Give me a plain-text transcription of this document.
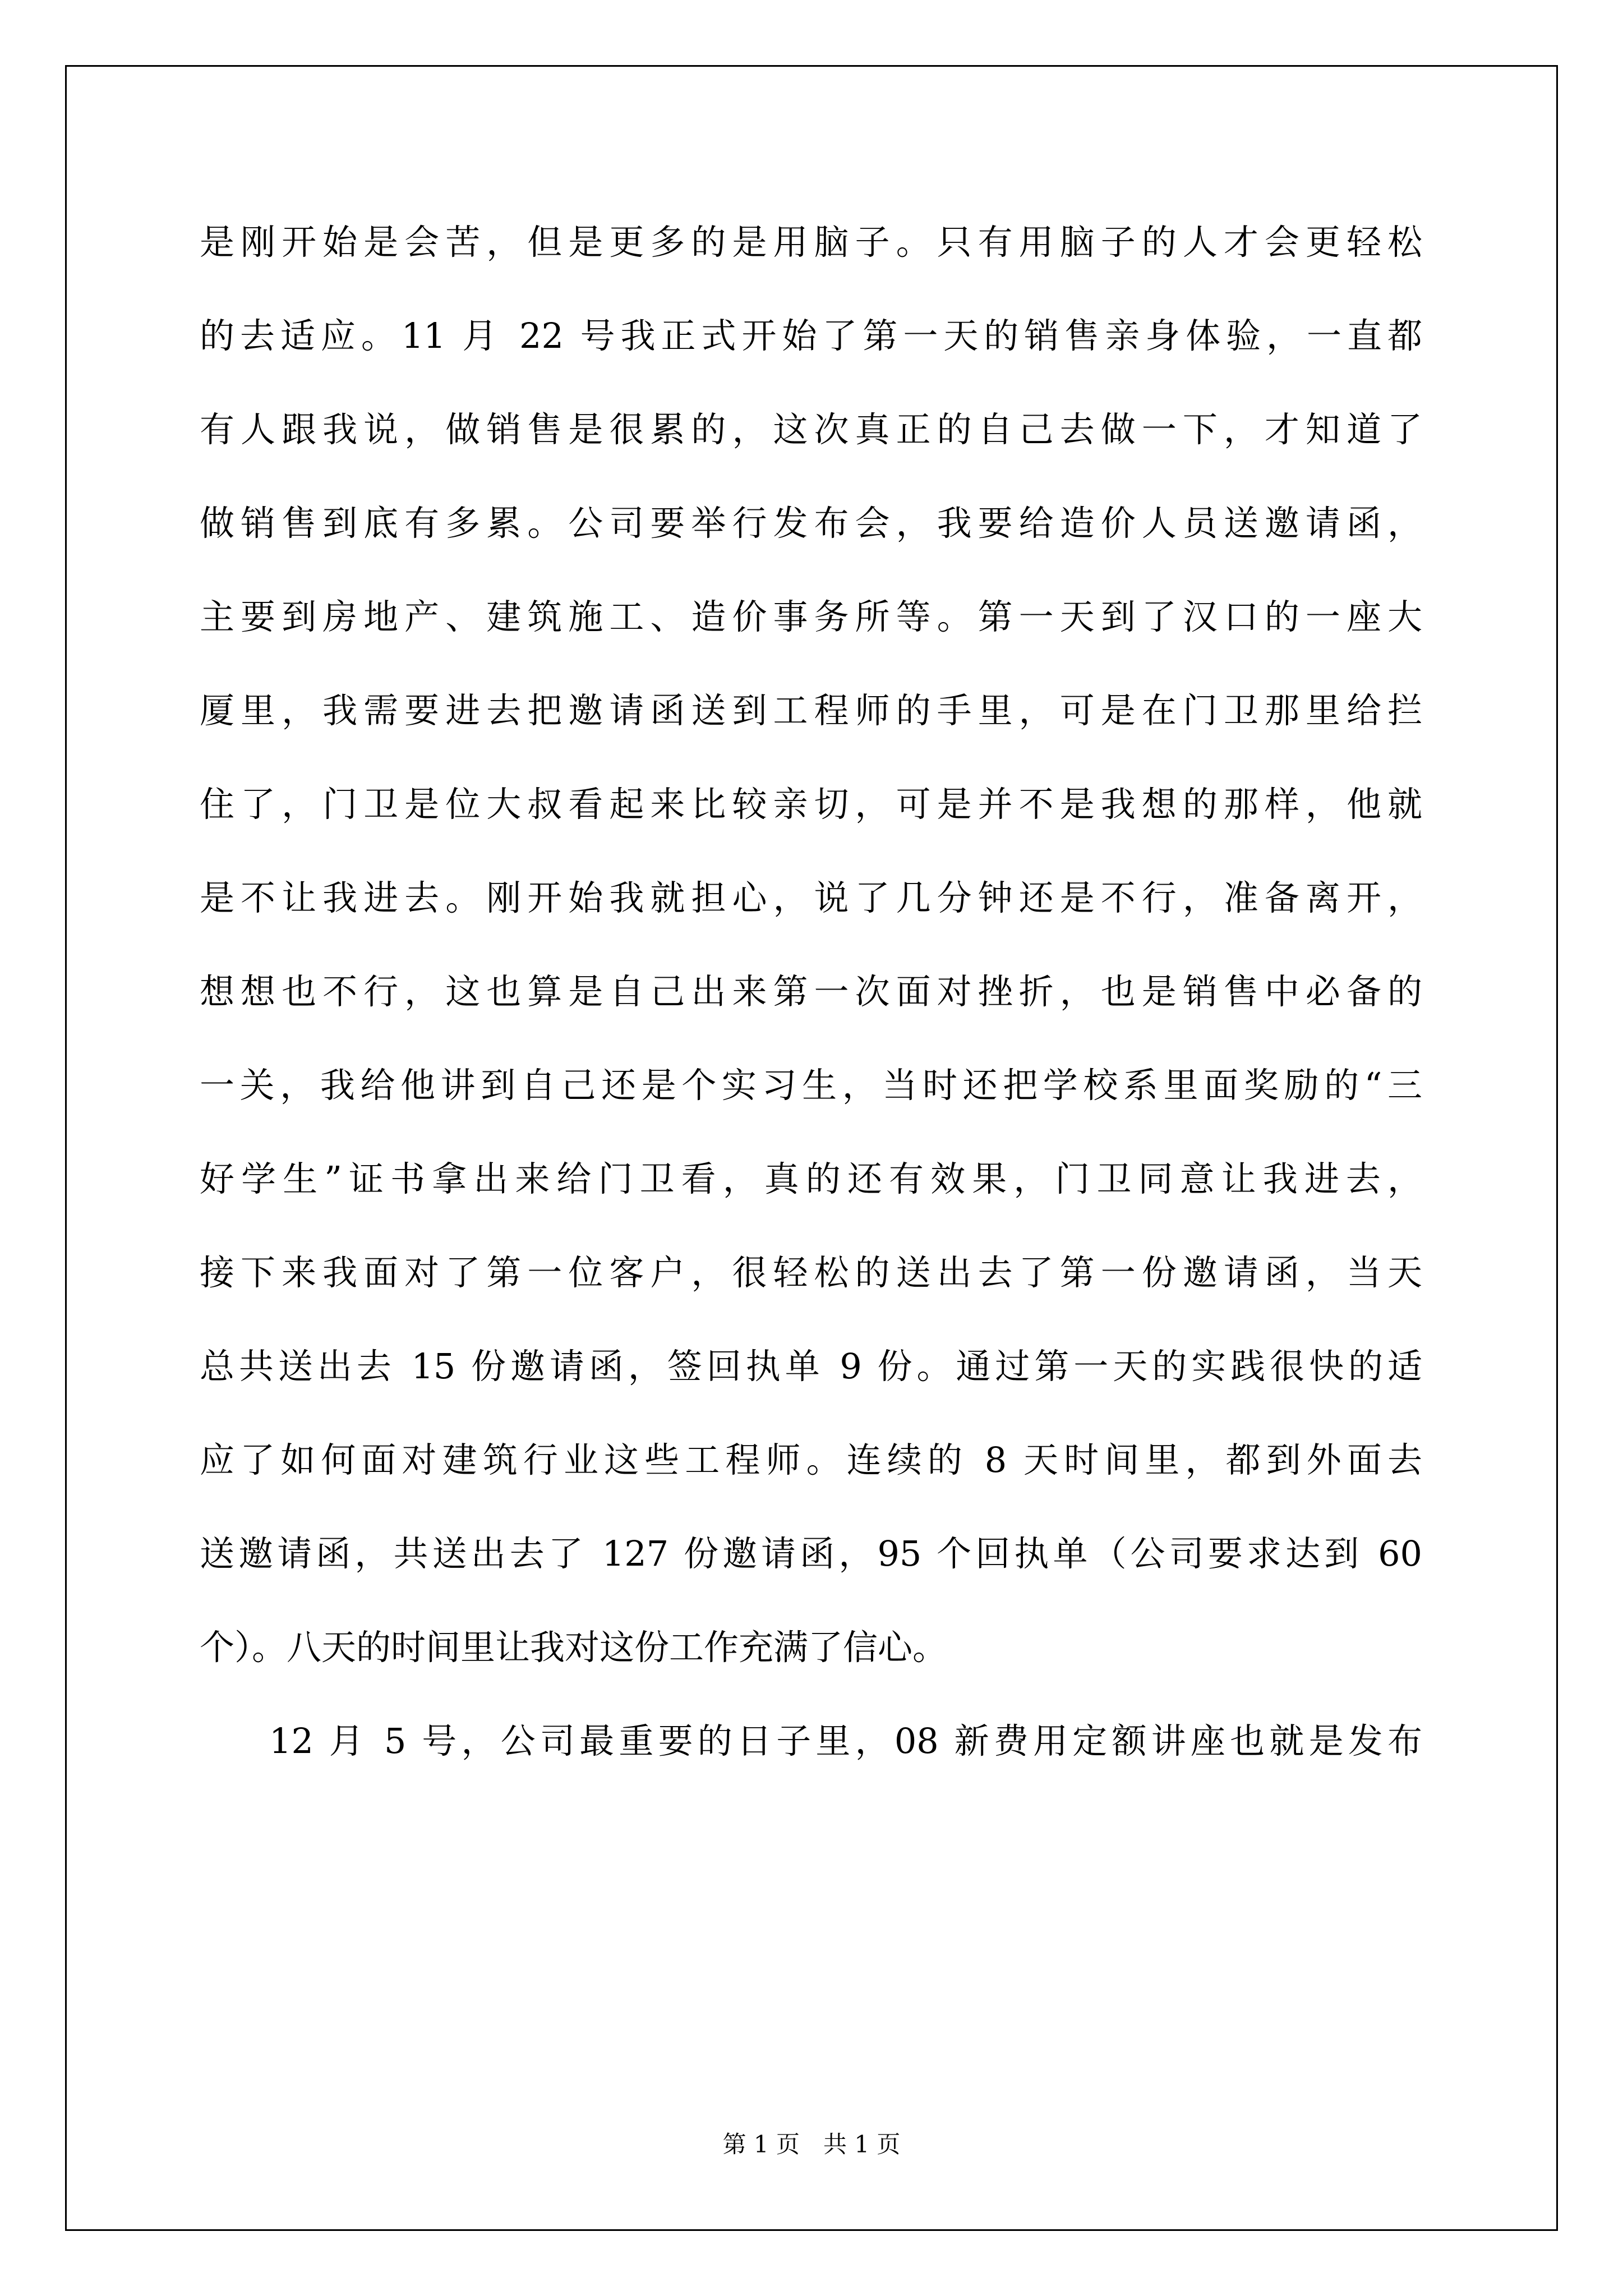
是刚开始是会苦，但是更多的是用脑子。只有用脑子的人才会更轻松
的去适应。11 月 22 号我正式开始了第一天的销售亲身体验，一直都
有人跟我说，做销售是很累的，这次真正的自己去做一下，才知道了
做销售到底有多累。公司要举行发布会，我要给造价人员送邀请函，
主要到房地产、建筑施工、造价事务所等。第一天到了汉口的一座大
厦里，我需要进去把邀请函送到工程师的手里，可是在门卫那里给拦
住了，门卫是位大叔看起来比较亲切，可是并不是我想的那样，他就
是不让我进去。刚开始我就担心，说了几分钟还是不行，准备离开，
想想也不行，这也算是自己出来第一次面对挫折，也是销售中必备的
一关，我给他讲到自己还是个实习生，当时还把学校系里面奖励的“三
好学生”证书拿出来给门卫看，真的还有效果，门卫同意让我进去，
接下来我面对了第一位客户，很轻松的送出去了第一份邀请函，当天
总共送出去 15 份邀请函，签回执单 9 份。通过第一天的实践很快的适
应了如何面对建筑行业这些工程师。连续的 8 天时间里，都到外面去
送邀请函，共送出去了 127 份邀请函，95 个回执单（公司要求达到 60
个）。八天的时间里让我对这份工作充满了信心。
12 月 5 号，公司最重要的日子里，08 新费用定额讲座也就是发布
第 1 页　共 1 页
